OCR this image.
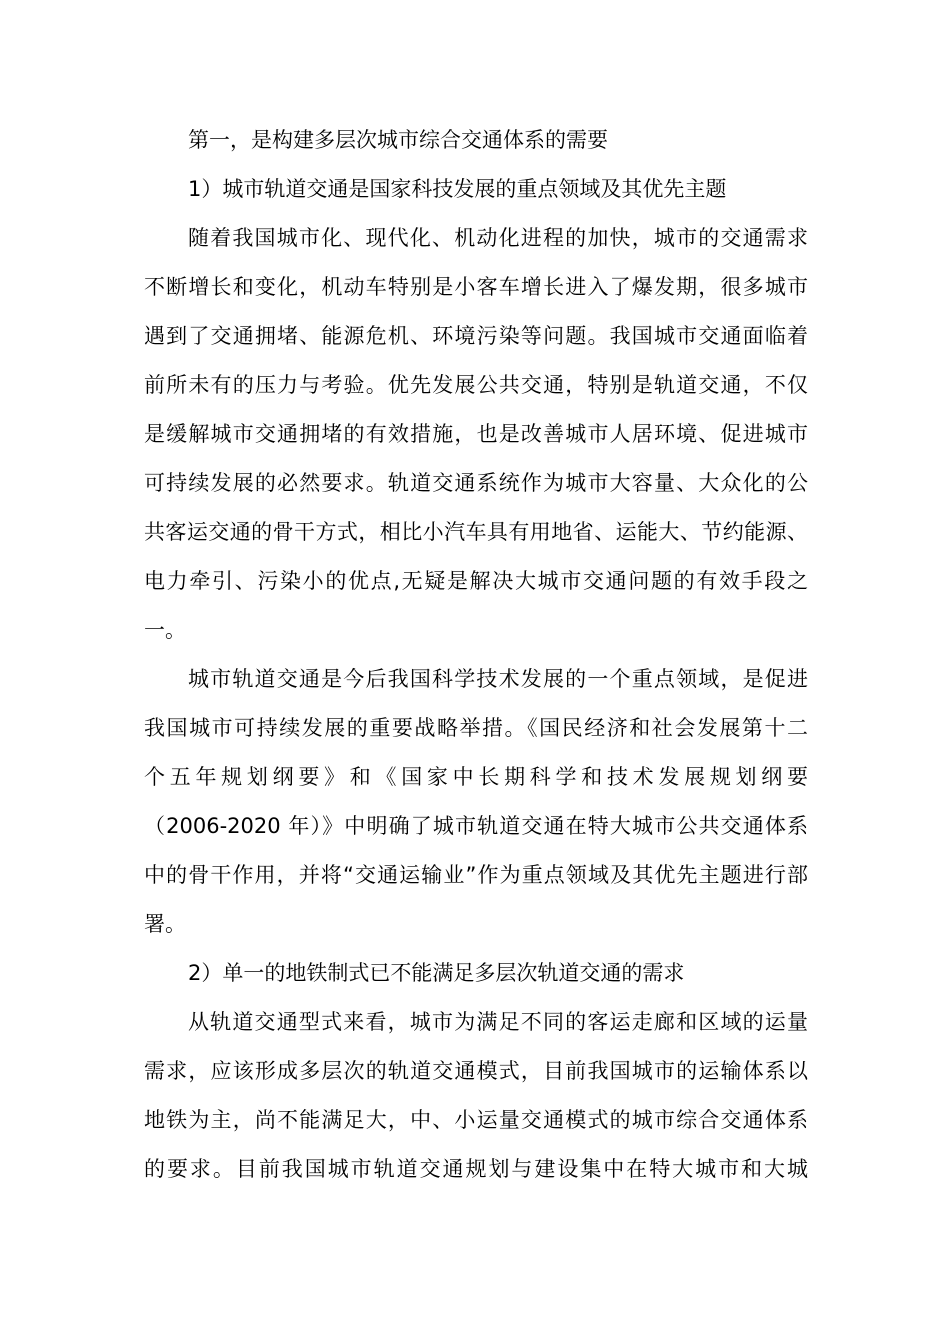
第一，是构建多层次城市综合交通体系的需要
1）城市轨道交通是国家科技发展的重点领域及其优先主题
随着我国城市化、现代化、机动化进程的加快，城市的交通需求
不断增长和变化，机动车特别是小客车增长进入了爆发期，很多城市
遇到了交通拥堵、能源危机、环境污染等问题。我国城市交通面临着
前所未有的压力与考验。优先发展公共交通，特别是轨道交通，不仅
是缓解城市交通拥堵的有效措施，也是改善城市人居环境、促进城市
可持续发展的必然要求。轨道交通系统作为城市大容量、大众化的公
共客运交通的骨干方式，相比小汽车具有用地省、运能大、节约能源、
电力牵引、污染小的优点,无疑是解决大城市交通问题的有效手段之
一。
城市轨道交通是今后我国科学技术发展的一个重点领域，是促进
我国城市可持续发展的重要战略举措。《国民经济和社会发展第十二
个五年规划纲要》和《国家中长期科学和技术发展规划纲要
（2006-2020 年）》中明确了城市轨道交通在特大城市公共交通体系
中的骨干作用，并将“交通运输业”作为重点领域及其优先主题进行部
署。
2）单一的地铁制式已不能满足多层次轨道交通的需求
从轨道交通型式来看，城市为满足不同的客运走廊和区域的运量
需求，应该形成多层次的轨道交通模式，目前我国城市的运输体系以
地铁为主，尚不能满足大，中、小运量交通模式的城市综合交通体系
的要求。目前我国城市轨道交通规划与建设集中在特大城市和大城
